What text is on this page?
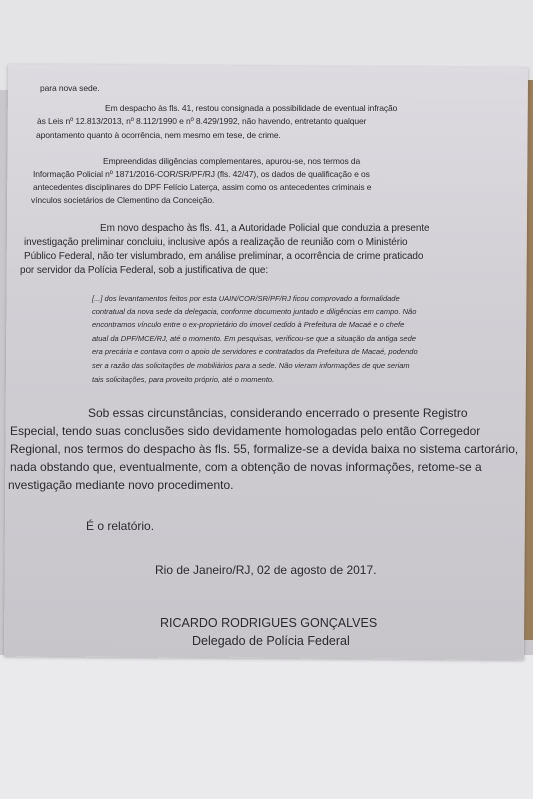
para nova sede.
Em despacho às fls. 41, restou consignada a possibilidade de eventual infração
às Leis nº 12.813/2013, nº 8.112/1990 e nº 8.429/1992, não havendo, entretanto qualquer
apontamento quanto à ocorrência, nem mesmo em tese, de crime.
Empreendidas diligências complementares, apurou-se, nos termos da
Informação Policial nº 1871/2016-COR/SR/PF/RJ (fls. 42/47), os dados de qualificação e os
antecedentes disciplinares do DPF Felício Laterça, assim como os antecedentes criminais e
vínculos societários de Clementino da Conceição.
Em novo despacho às fls. 41, a Autoridade Policial que conduzia a presente
investigação preliminar concluiu, inclusive após a realização de reunião com o Ministério
Público Federal, não ter vislumbrado, em análise preliminar, a ocorrência de crime praticado
por servidor da Polícia Federal, sob a justificativa de que:
[...] dos levantamentos feitos por esta UAIN/COR/SR/PF/RJ ficou comprovado a formalidade
contratual da nova sede da delegacia, conforme documento juntado e diligências em campo. Não
encontramos vínculo entre o ex-proprietário do imovel cedido à Prefeitura de Macaé e o chefe
atual da DPF/MCE/RJ, até o momento. Em pesquisas, verificou-se que a situação da antiga sede
era precária e contava com o apoio de servidores e contratados da Prefeitura de Macaé, podendo
ser a razão das solicitações de mobiliários para a sede. Não vieram informações de que seriam
tais solicitações, para proveito próprio, até o momento.
Sob essas circunstâncias, considerando encerrado o presente Registro
Especial, tendo suas conclusões sido devidamente homologadas pelo então Corregedor
Regional, nos termos do despacho às fls. 55, formalize-se a devida baixa no sistema cartorário,
nada obstando que, eventualmente, com a obtenção de novas informações, retome-se a
nvestigação mediante novo procedimento.
É o relatório.
Rio de Janeiro/RJ, 02 de agosto de 2017.
RICARDO RODRIGUES GONÇALVES
Delegado de Polícia Federal
